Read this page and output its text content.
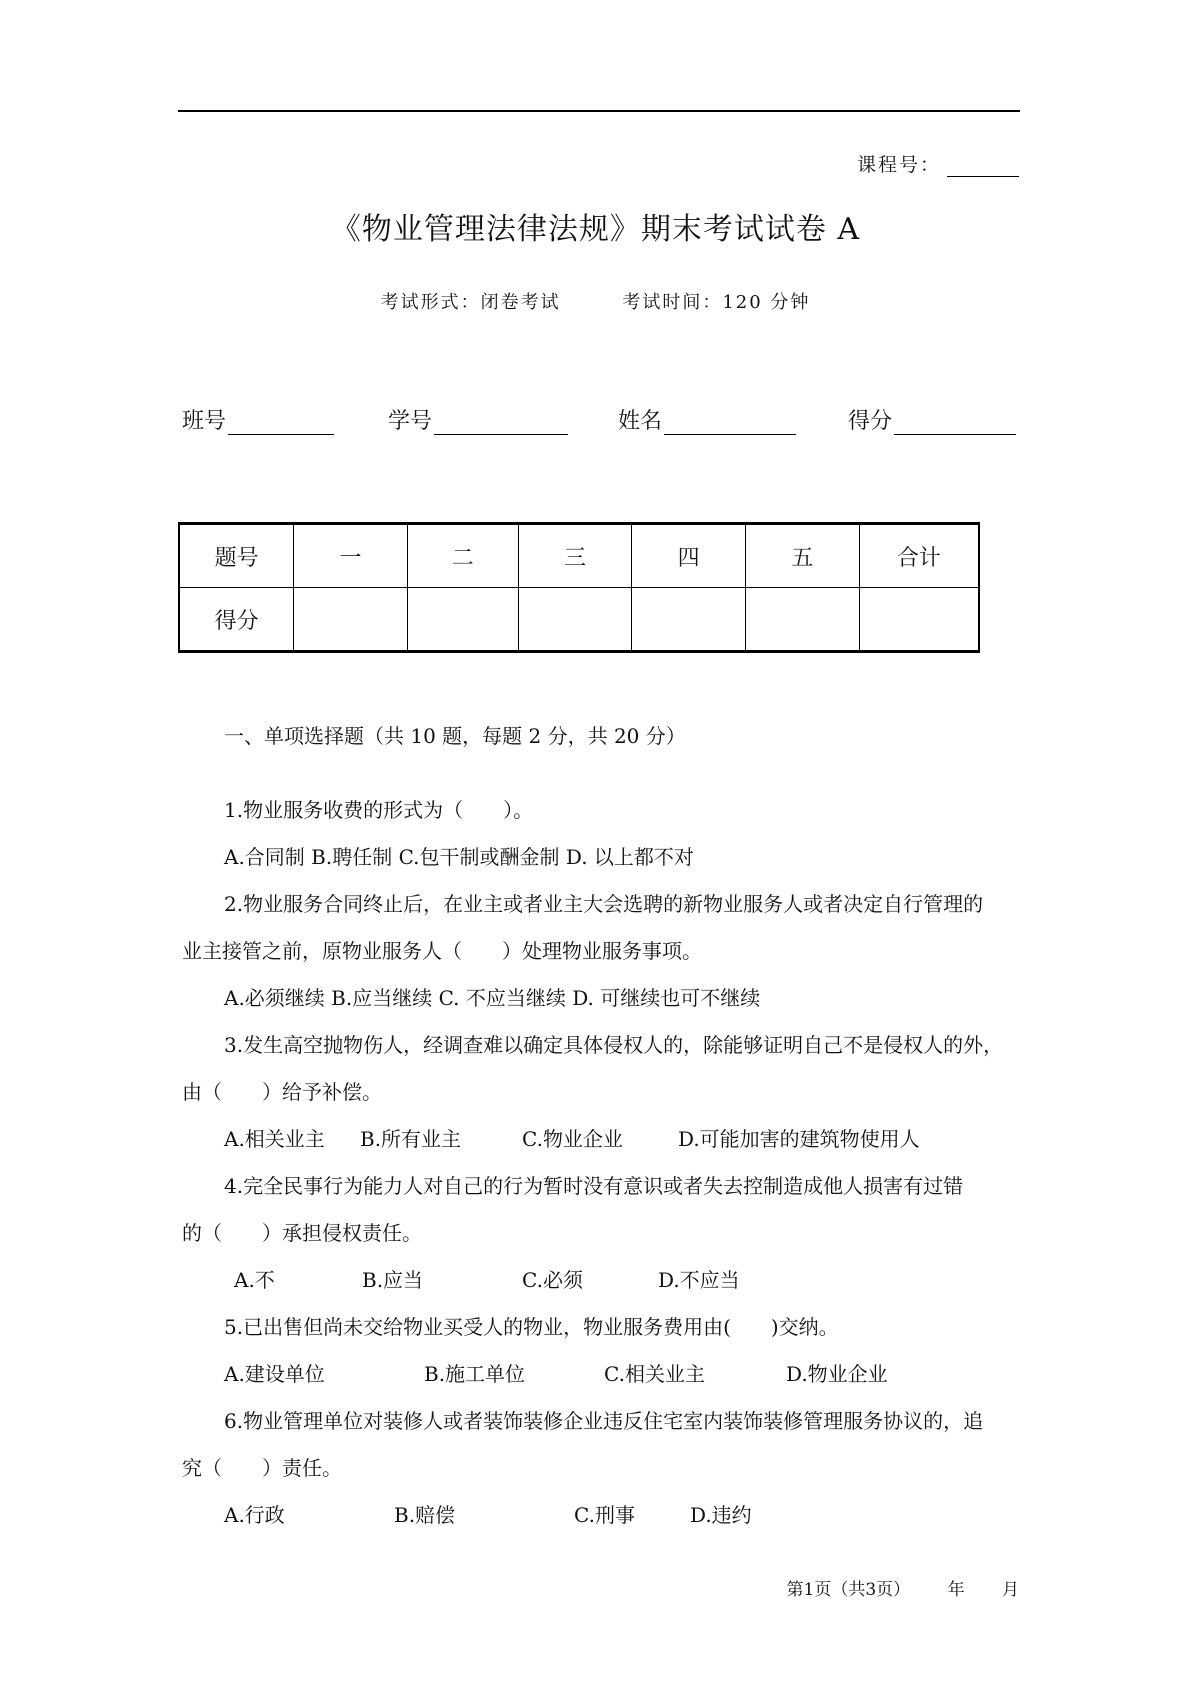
课程号：
《物业管理法律法规》期末考试试卷 A
考试形式：闭卷考试	考试时间：120 分钟
班号	学号	姓名	得分
题号	一	二	三	四	五	合计
得分						
一、单项选择题（共 10 题，每题 2 分，共 20 分）
1.物业服务收费的形式为（　　）。
A.合同制 B.聘任制 C.包干制或酬金制 D. 以上都不对
2.物业服务合同终止后，在业主或者业主大会选聘的新物业服务人或者决定自行管理的
业主接管之前，原物业服务人（　　）处理物业服务事项。
A.必须继续 B.应当继续 C. 不应当继续 D. 可继续也可不继续
3.发生高空抛物伤人，经调查难以确定具体侵权人的，除能够证明自己不是侵权人的外，
由（　　）给予补偿。
A.相关业主 B.所有业主	C.物业企业	D.可能加害的建筑物使用人
4.完全民事行为能力人对自己的行为暂时没有意识或者失去控制造成他人损害有过错
的（　　）承担侵权责任。
A.不	B.应当	C.必须	D.不应当
5.已出售但尚未交给物业买受人的物业，物业服务费用由(　　)交纳。
A.建设单位	B.施工单位	C.相关业主	D.物业企业
6.物业管理单位对装修人或者装饰装修企业违反住宅室内装饰装修管理服务协议的，追
究（　　）责任。
A.行政	B.赔偿	C.刑事	D.违约
第1页（共3页） 年 月
